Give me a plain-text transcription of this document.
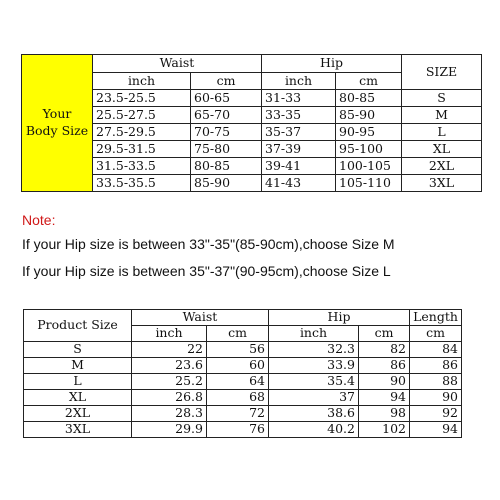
Your Body Size	Waist		Hip		SIZE
	inch	cm	inch	cm	
	23.5-25.5	60-65	31-33	80-85	S
	25.5-27.5	65-70	33-35	85-90	M
	27.5-29.5	70-75	35-37	90-95	L
	29.5-31.5	75-80	37-39	95-100	XL
	31.5-33.5	80-85	39-41	100-105	2XL
	33.5-35.5	85-90	41-43	105-110	3XL
Note:
If your Hip size is between 33"-35"(85-90cm),choose Size M
If your Hip size is between 35"-37"(90-95cm),choose Size L
Product Size	Waist		Hip		Length
	inch	cm	inch	cm	cm
S	22	56	32.3	82	84
M	23.6	60	33.9	86	86
L	25.2	64	35.4	90	88
XL	26.8	68	37	94	90
2XL	28.3	72	38.6	98	92
3XL	29.9	76	40.2	102	94
